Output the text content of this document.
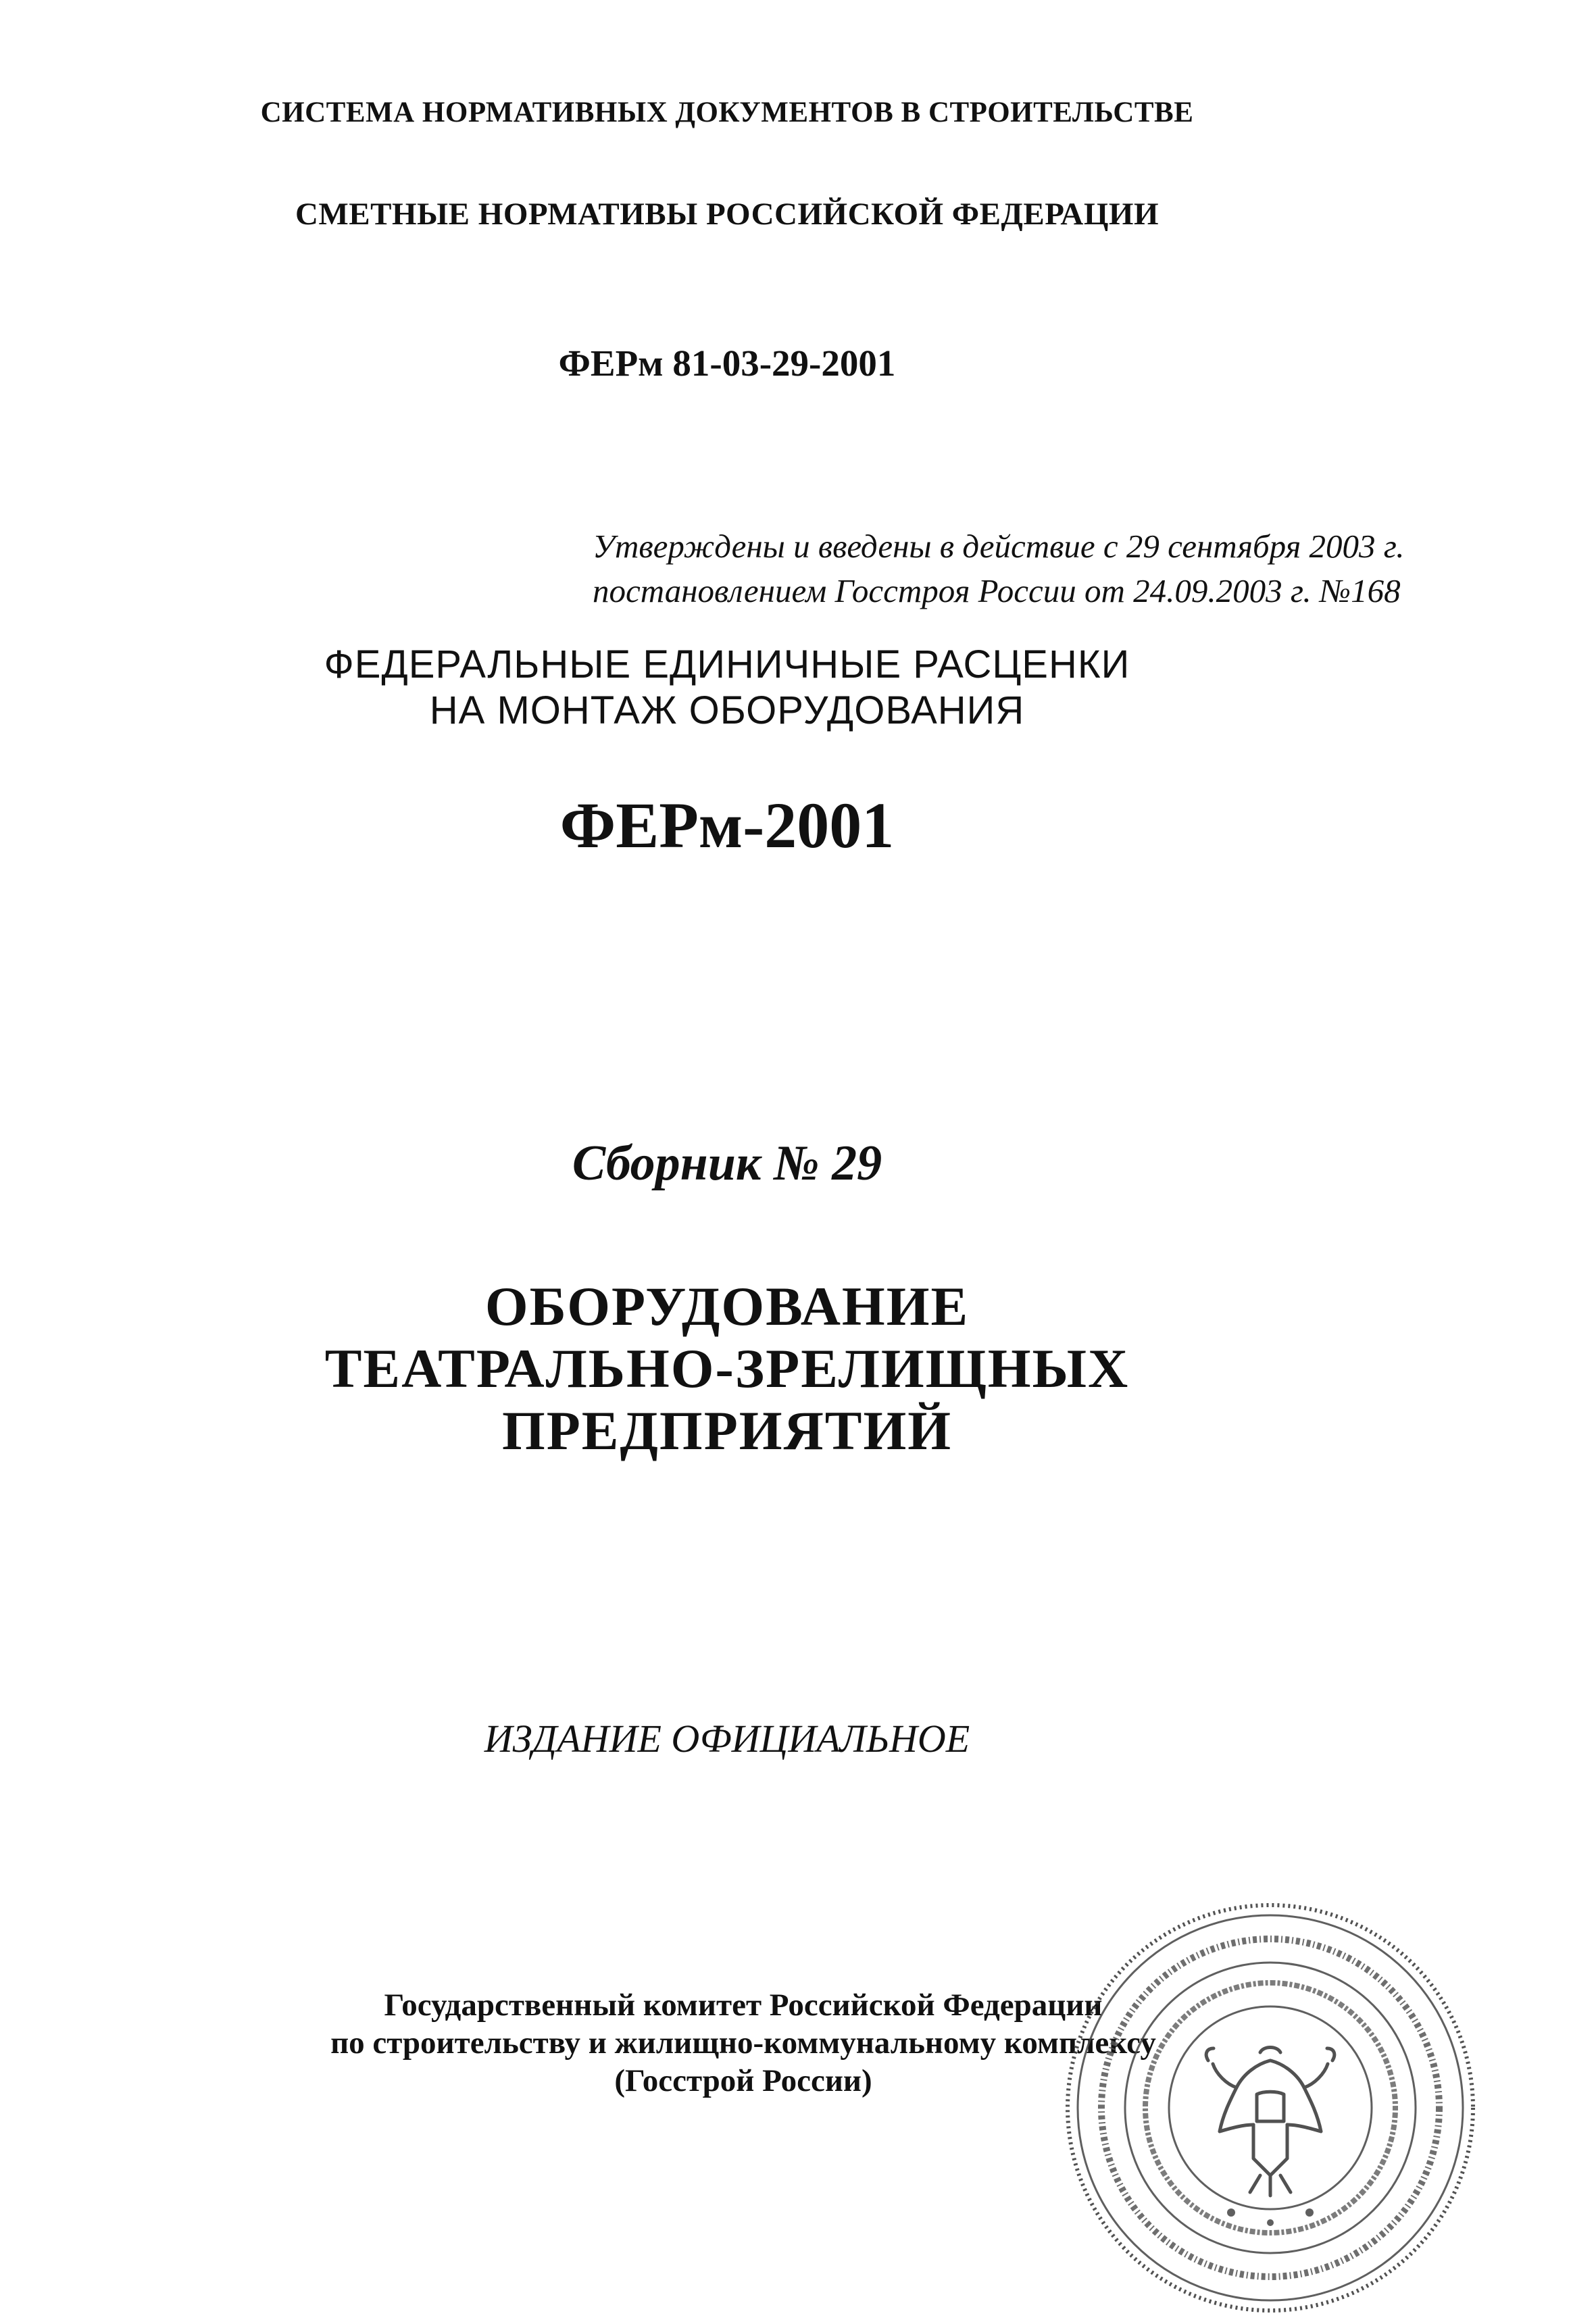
СИСТЕМА НОРМАТИВНЫХ ДОКУМЕНТОВ В СТРОИТЕЛЬСТВЕ

СМЕТНЫЕ НОРМАТИВЫ РОССИЙСКОЙ ФЕДЕРАЦИИ

ФЕРм 81-03-29-2001

Утверждены и введены в действие с 29 сентября 2003 г.
постановлением Госстроя России от 24.09.2003 г. №168
ФЕДЕРАЛЬНЫЕ ЕДИНИЧНЫЕ РАСЦЕНКИ
НА МОНТАЖ ОБОРУДОВАНИЯ

ФЕРм-2001

Сборник № 29

ОБОРУДОВАНИЕ
ТЕАТРАЛЬНО-ЗРЕЛИЩНЫХ
ПРЕДПРИЯТИЙ

ИЗДАНИЕ ОФИЦИАЛЬНОЕ

Государственный комитет Российской Федерации
по строительству и жилищно-коммунальному комплексу
(Госстрой России)
